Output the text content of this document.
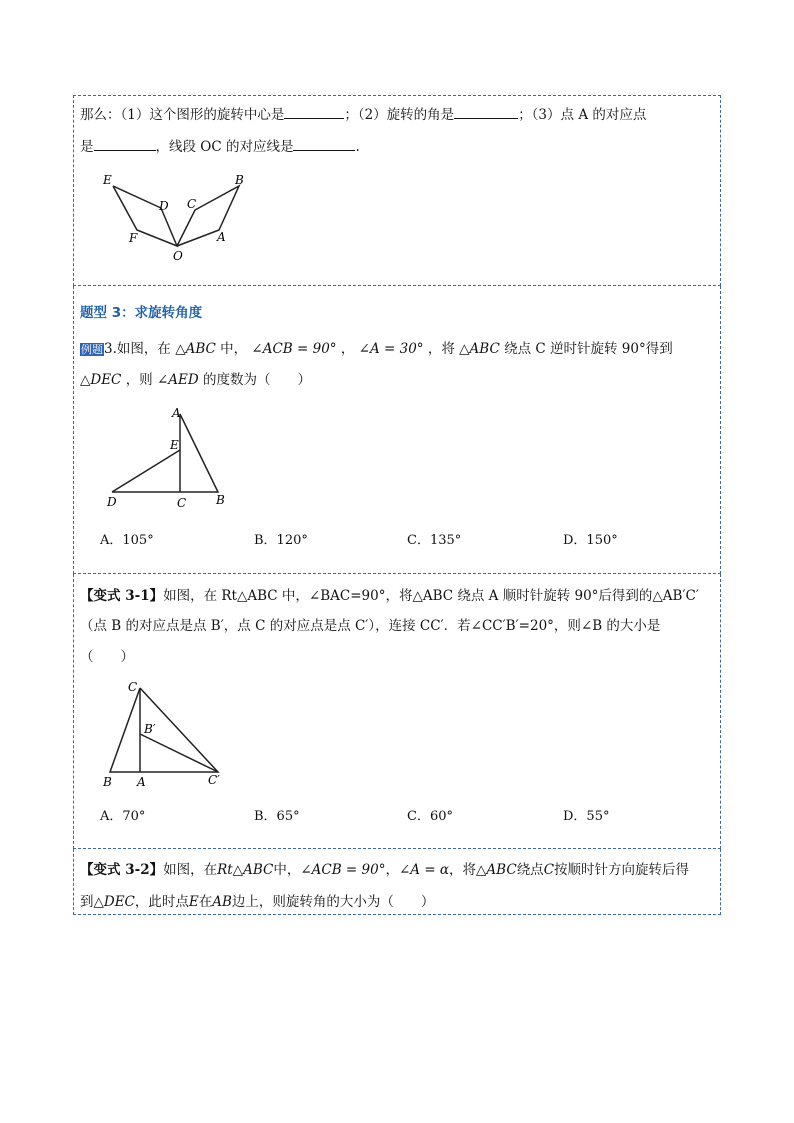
那么：（1）这个图形的旋转中心是	；（2）旋转的角是	；（3）点 A 的对应点
是	，线段 OC 的对应线是	.
E
D
F
O
C
B
A
题型 3：求旋转角度
例题3.如图，在 △ABC 中， ∠ACB = 90° ， ∠A = 30° ，将 △ABC 绕点 C 逆时针旋转 90°得到
△DEC ，则 ∠AED 的度数为（　　）
A
E
D	C B
A．105°	B．120°	C．135°	D．150°
【变式 3-1】如图，在 Rt△ABC 中，∠BAC=90°，将△ABC 绕点 A 顺时针旋转 90°后得到的△AB′C′
（点 B 的对应点是点 B′，点 C 的对应点是点 C′），连接 CC′．若∠CC′B′=20°，则∠B 的大小是
（　　）
C
B′
B A	C′
A．70°	B．65°	C．60°	D．55°
【变式 3-2】如图，在Rt△ABC中，∠ACB = 90°，∠A = α，将△ABC绕点C按顺时针方向旋转后得
到△DEC，此时点E在AB边上，则旋转角的大小为（　　）
